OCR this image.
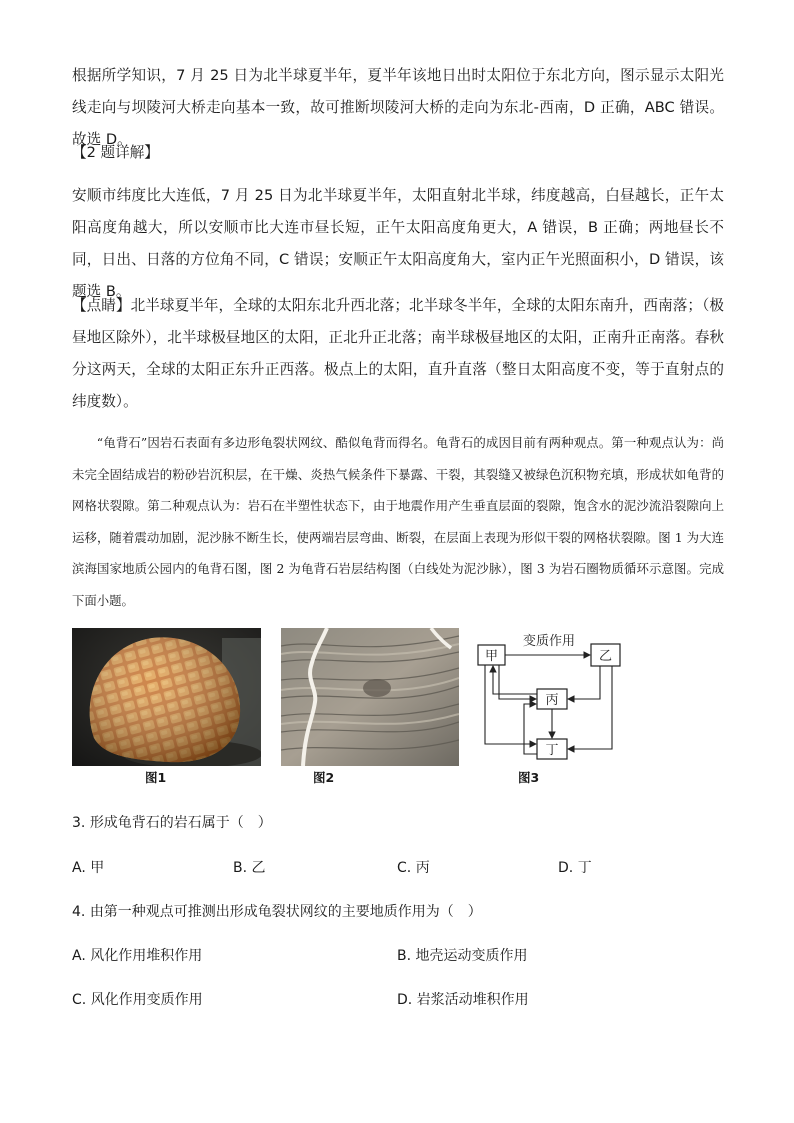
根据所学知识，7 月 25 日为北半球夏半年，夏半年该地日出时太阳位于东北方向，图示显示太阳光线走向与坝陵河大桥走向基本一致，故可推断坝陵河大桥的走向为东北-西南，D 正确，ABC 错误。故选 D。

【2 题详解】

安顺市纬度比大连低，7 月 25 日为北半球夏半年，太阳直射北半球，纬度越高，白昼越长，正午太阳高度角越大，所以安顺市比大连市昼长短，正午太阳高度角更大，A 错误，B 正确；两地昼长不同，日出、日落的方位角不同，C 错误；安顺正午太阳高度角大，室内正午光照面积小，D 错误，该题选 B。

【点睛】北半球夏半年，全球的太阳东北升西北落；北半球冬半年，全球的太阳东南升，西南落；（极昼地区除外），北半球极昼地区的太阳，正北升正北落；南半球极昼地区的太阳，正南升正南落。春秋分这两天，全球的太阳正东升正西落。极点上的太阳，直升直落（整日太阳高度不变，等于直射点的纬度数）。

“龟背石”因岩石表面有多边形龟裂状网纹、酷似龟背而得名。龟背石的成因目前有两种观点。第一种观点认为：尚未完全固结成岩的粉砂岩沉积层，在干燥、炎热气候条件下暴露、干裂，其裂缝又被绿色沉积物充填，形成状如龟背的网格状裂隙。第二种观点认为：岩石在半塑性状态下，由于地震作用产生垂直层面的裂隙，饱含水的泥沙流沿裂隙向上运移，随着震动加剧，泥沙脉不断生长，使两端岩层弯曲、断裂，在层面上表现为形似干裂的网格状裂隙。图 1 为大连滨海国家地质公园内的龟背石图，图 2 为龟背石岩层结构图（白线处为泥沙脉），图 3 为岩石圈物质循环示意图。完成下面小题。

变质作用
甲	乙
丙
丁
图1	图2	图3

3. 形成龟背石的岩石属于（　）

A. 甲	B. 乙	C. 丙	D. 丁

4. 由第一种观点可推测出形成龟裂状网纹的主要地质作用为（　）

A. 风化作用堆积作用	B. 地壳运动变质作用
C. 风化作用变质作用	D. 岩浆活动堆积作用
